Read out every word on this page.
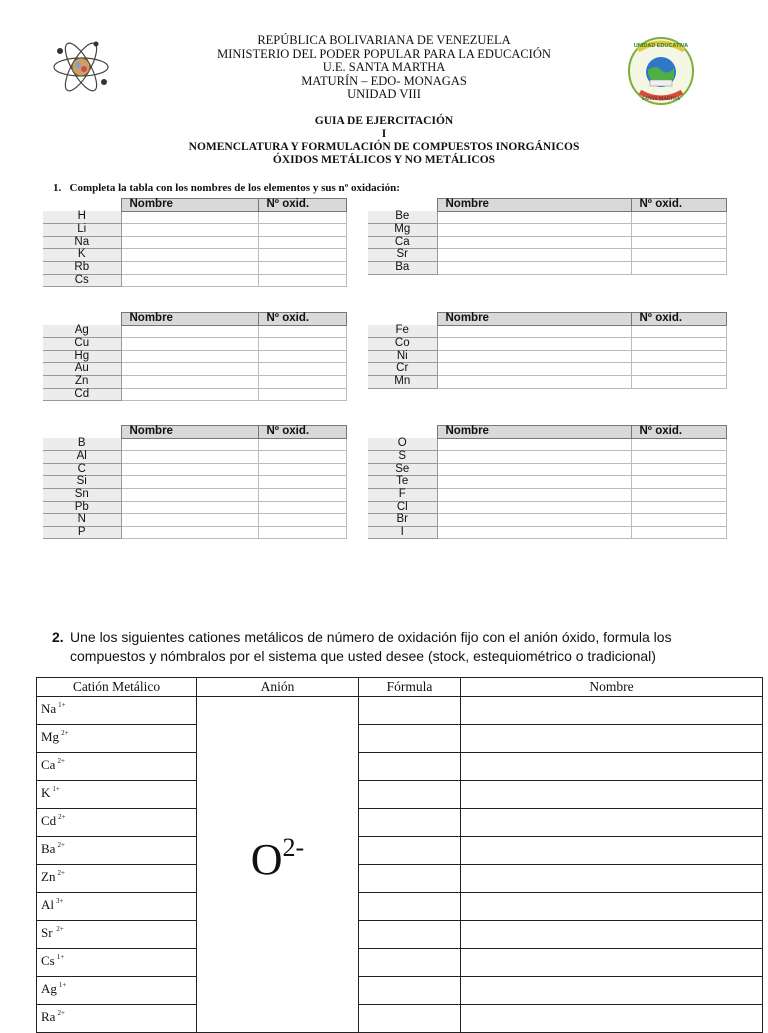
UNIDAD EDUCATIVA
SANTA MARTHA
REPÚBLICA BOLIVARIANA DE VENEZUELA
MINISTERIO DEL PODER POPULAR PARA LA EDUCACIÓN
U.E. SANTA MARTHA
MATURÍN – EDO- MONAGAS
UNIDAD VIII
GUIA DE EJERCITACIÓN
I
NOMENCLATURA Y FORMULACIÓN DE COMPUESTOS INORGÁNICOS
ÓXIDOS METÁLICOS Y NO METÁLICOS
1. Completa la tabla con los nombres de los elementos y sus nº oxidación:
	Nombre	Nº oxid.
H		
Li		
Na		
K		
Rb		
Cs		
	Nombre	Nº oxid.
Be		
Mg		
Ca		
Sr		
Ba		
	Nombre	Nº oxid.
Ag		
Cu		
Hg		
Au		
Zn		
Cd		
	Nombre	Nº oxid.
Fe		
Co		
Ni		
Cr		
Mn		
	Nombre	Nº oxid.
B		
Al		
C		
Si		
Sn		
Pb		
N		
P		
	Nombre	Nº oxid.
O		
S		
Se		
Te		
F		
Cl		
Br		
I		
2. Une los siguientes cationes metálicos de número de oxidación fijo con el anión óxido, formula los compuestos y nómbralos por el sistema que usted desee (stock, estequiométrico o tradicional)
Catión Metálico	Anión	Fórmula	Nombre
Na $^{1+}$	$O^{2-}$		
Mg $^{2+}$		
Ca $^{2+}$		
K $^{1+}$		
Cd $^{2+}$		
Ba $^{2+}$		
Zn $^{2+}$		
Al $^{3+}$		
Sr $^{2+}$		
Cs $^{1+}$		
Ag $^{1+}$		
Ra $^{2+}$		
